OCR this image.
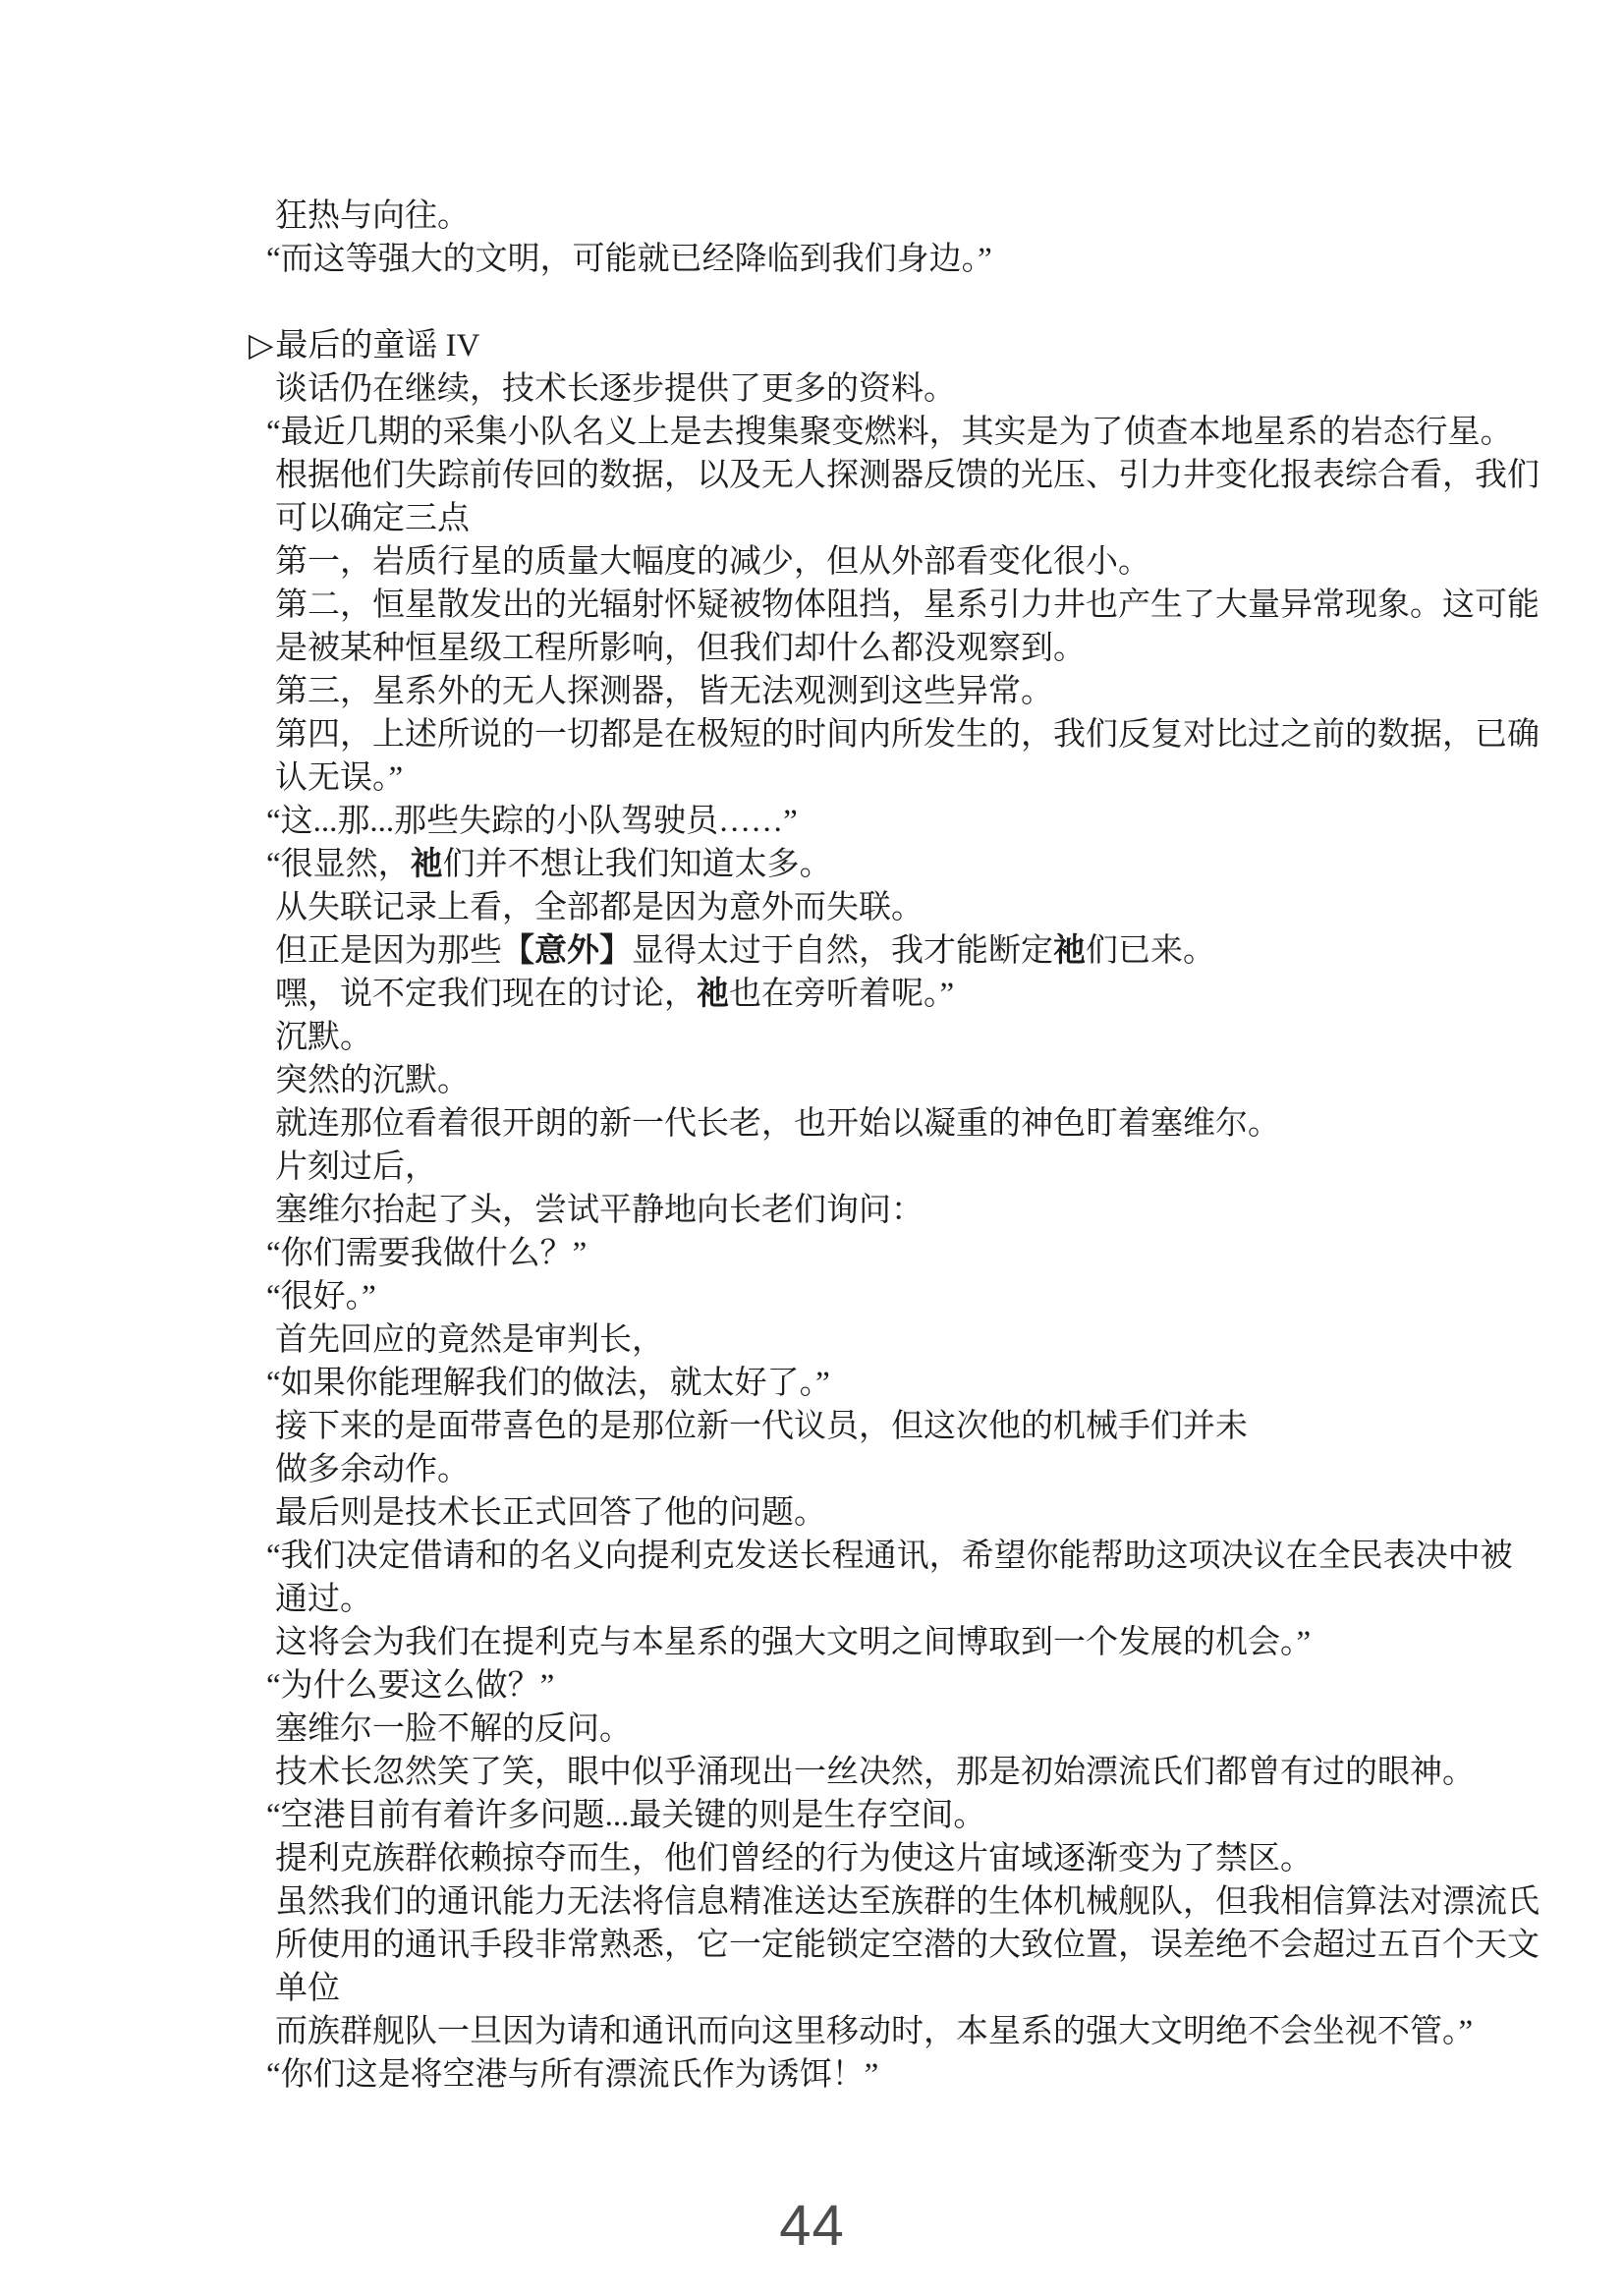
狂热与向往。
“而这等强大的文明，可能就已经降临到我们身边。”
▷最后的童谣 IV
谈话仍在继续，技术长逐步提供了更多的资料。
“最近几期的采集小队名义上是去搜集聚变燃料，其实是为了侦查本地星系的岩态行星。
根据他们失踪前传回的数据，以及无人探测器反馈的光压、引力井变化报表综合看，我们
可以确定三点
第一，岩质行星的质量大幅度的减少，但从外部看变化很小。
第二，恒星散发出的光辐射怀疑被物体阻挡，星系引力井也产生了大量异常现象。这可能
是被某种恒星级工程所影响，但我们却什么都没观察到。
第三，星系外的无人探测器，皆无法观测到这些异常。
第四，上述所说的一切都是在极短的时间内所发生的，我们反复对比过之前的数据，已确
认无误。”
“这...那...那些失踪的小队驾驶员……”
“很显然，祂们并不想让我们知道太多。
从失联记录上看，全部都是因为意外而失联。
但正是因为那些【意外】显得太过于自然，我才能断定祂们已来。
嘿，说不定我们现在的讨论，祂也在旁听着呢。”
沉默。
突然的沉默。
就连那位看着很开朗的新一代长老，也开始以凝重的神色盯着塞维尔。
片刻过后，
塞维尔抬起了头，尝试平静地向长老们询问：
“你们需要我做什么？”
“很好。”
首先回应的竟然是审判长，
“如果你能理解我们的做法，就太好了。”
接下来的是面带喜色的是那位新一代议员，但这次他的机械手们并未
做多余动作。
最后则是技术长正式回答了他的问题。
“我们决定借请和的名义向提利克发送长程通讯，希望你能帮助这项决议在全民表决中被
通过。
这将会为我们在提利克与本星系的强大文明之间博取到一个发展的机会。”
“为什么要这么做？”
塞维尔一脸不解的反问。
技术长忽然笑了笑，眼中似乎涌现出一丝决然，那是初始漂流氏们都曾有过的眼神。
“空港目前有着许多问题...最关键的则是生存空间。
提利克族群依赖掠夺而生，他们曾经的行为使这片宙域逐渐变为了禁区。
虽然我们的通讯能力无法将信息精准送达至族群的生体机械舰队，但我相信算法对漂流氏
所使用的通讯手段非常熟悉，它一定能锁定空潜的大致位置，误差绝不会超过五百个天文
单位
而族群舰队一旦因为请和通讯而向这里移动时，本星系的强大文明绝不会坐视不管。”
“你们这是将空港与所有漂流氏作为诱饵！”
44
